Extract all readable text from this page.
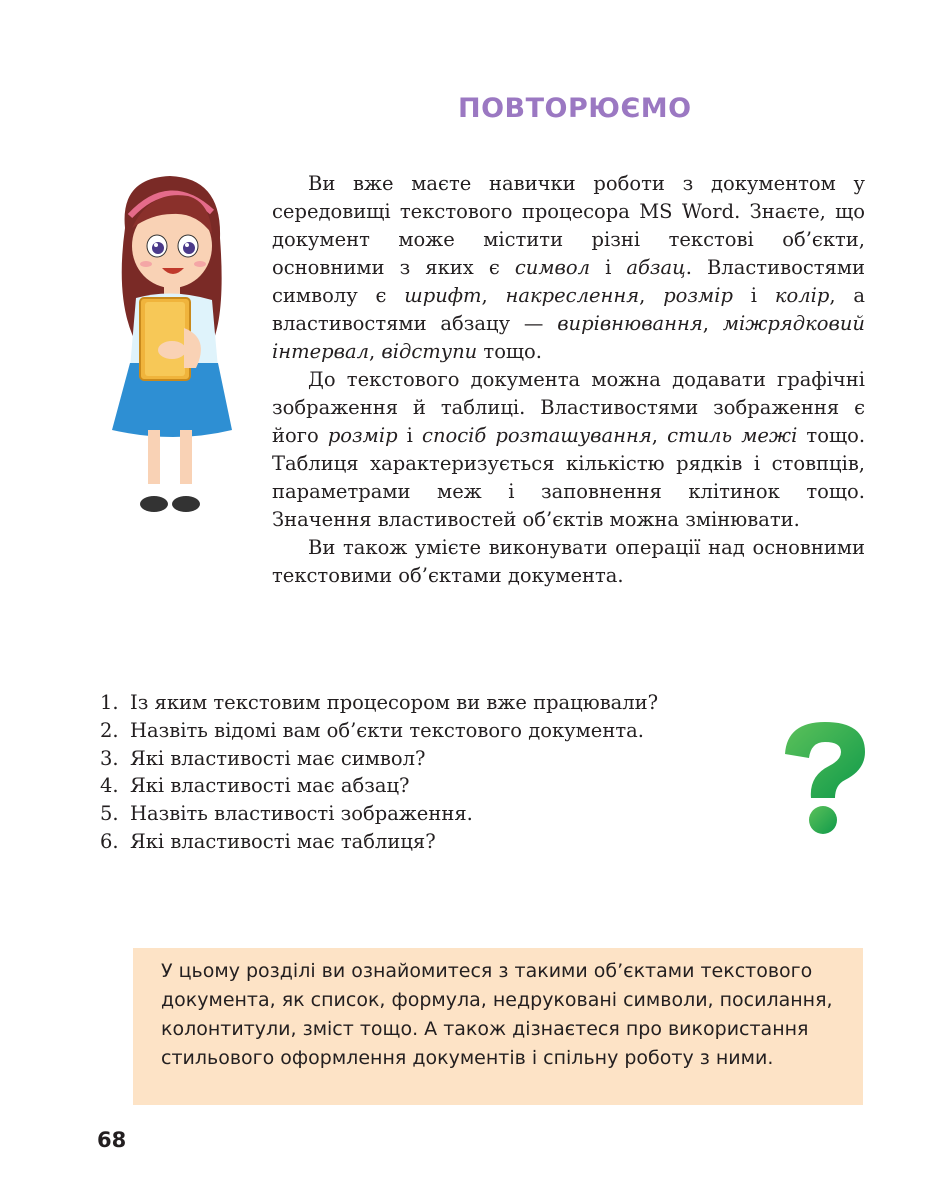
ПОВТОРЮЄМО

Ви вже маєте навички роботи з документом у середовищі текстового процесора MS Word. Знаєте, що документ може містити різні текстові об’єкти, основними з яких є символ і абзац. Властивостями символу є шрифт, накреслення, розмір і колір, а властивостями абзацу — вирівнювання, міжрядковий інтервал, відступи тощо.

До текстового документа можна додавати графічні зображення й таблиці. Властивостями зображення є його розмір і спосіб розташування, стиль межі тощо. Таблиця характеризується кількістю рядків і стовпців, параметрами меж і заповнення клітинок тощо. Значення властивостей об’єктів можна змінювати.

Ви також умієте виконувати операції над основними текстовими об’єктами документа.

1. Із яким текстовим процесором ви вже працювали?
2. Назвіть відомі вам об’єкти текстового документа.
3. Які властивості має символ?
4. Які властивості має абзац?
5. Назвіть властивості зображення.
6. Які властивості має таблиця?
У цьому розділі ви ознайомитеся з такими об’єктами текстового документа, як список, формула, недруковані символи, посилання, колонтитули, зміст тощо. А також дізнаєтеся про використання стильового оформлення документів і спільну роботу з ними.
68
